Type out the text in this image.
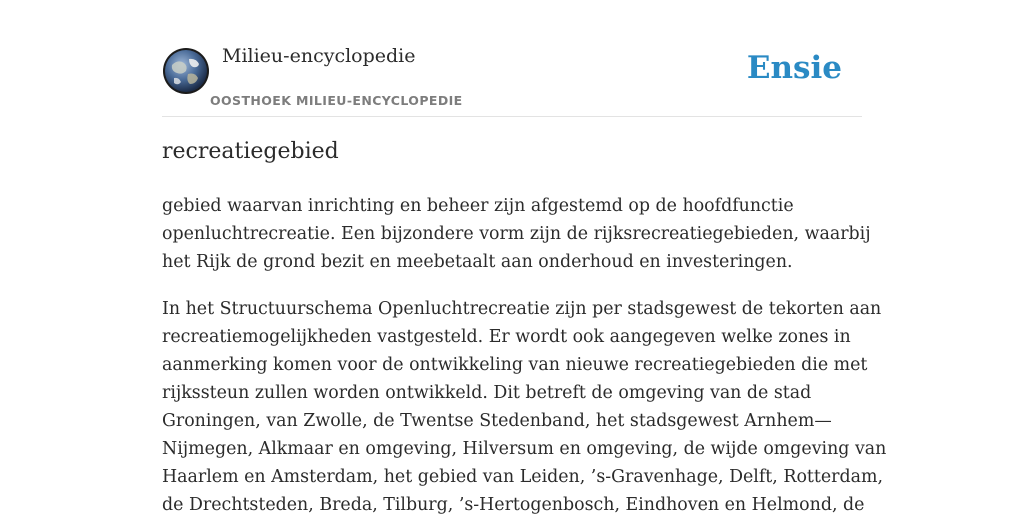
Milieu-encyclopedie
OOSTHOEK MILIEU-ENCYCLOPEDIE
Ensie
recreatiegebied
gebied waarvan inrichting en beheer zijn afgestemd op de hoofdfunctie
openluchtrecreatie. Een bijzondere vorm zijn de rijksrecreatiegebieden, waarbij
het Rijk de grond bezit en meebetaalt aan onderhoud en investeringen.
In het Structuurschema Openluchtrecreatie zijn per stadsgewest de tekorten aan
recreatiemogelijkheden vastgesteld. Er wordt ook aangegeven welke zones in
aanmerking komen voor de ontwikkeling van nieuwe recreatiegebieden die met
rijkssteun zullen worden ontwikkeld. Dit betreft de omgeving van de stad
Groningen, van Zwolle, de Twentse Stedenband, het stadsgewest Arnhem—
Nijmegen, Alkmaar en omgeving, Hilversum en omgeving, de wijde omgeving van
Haarlem en Amsterdam, het gebied van Leiden, ’s-Gravenhage, Delft, Rotterdam,
de Drechtsteden, Breda, Tilburg, ’s-Hertogenbosch, Eindhoven en Helmond, de
